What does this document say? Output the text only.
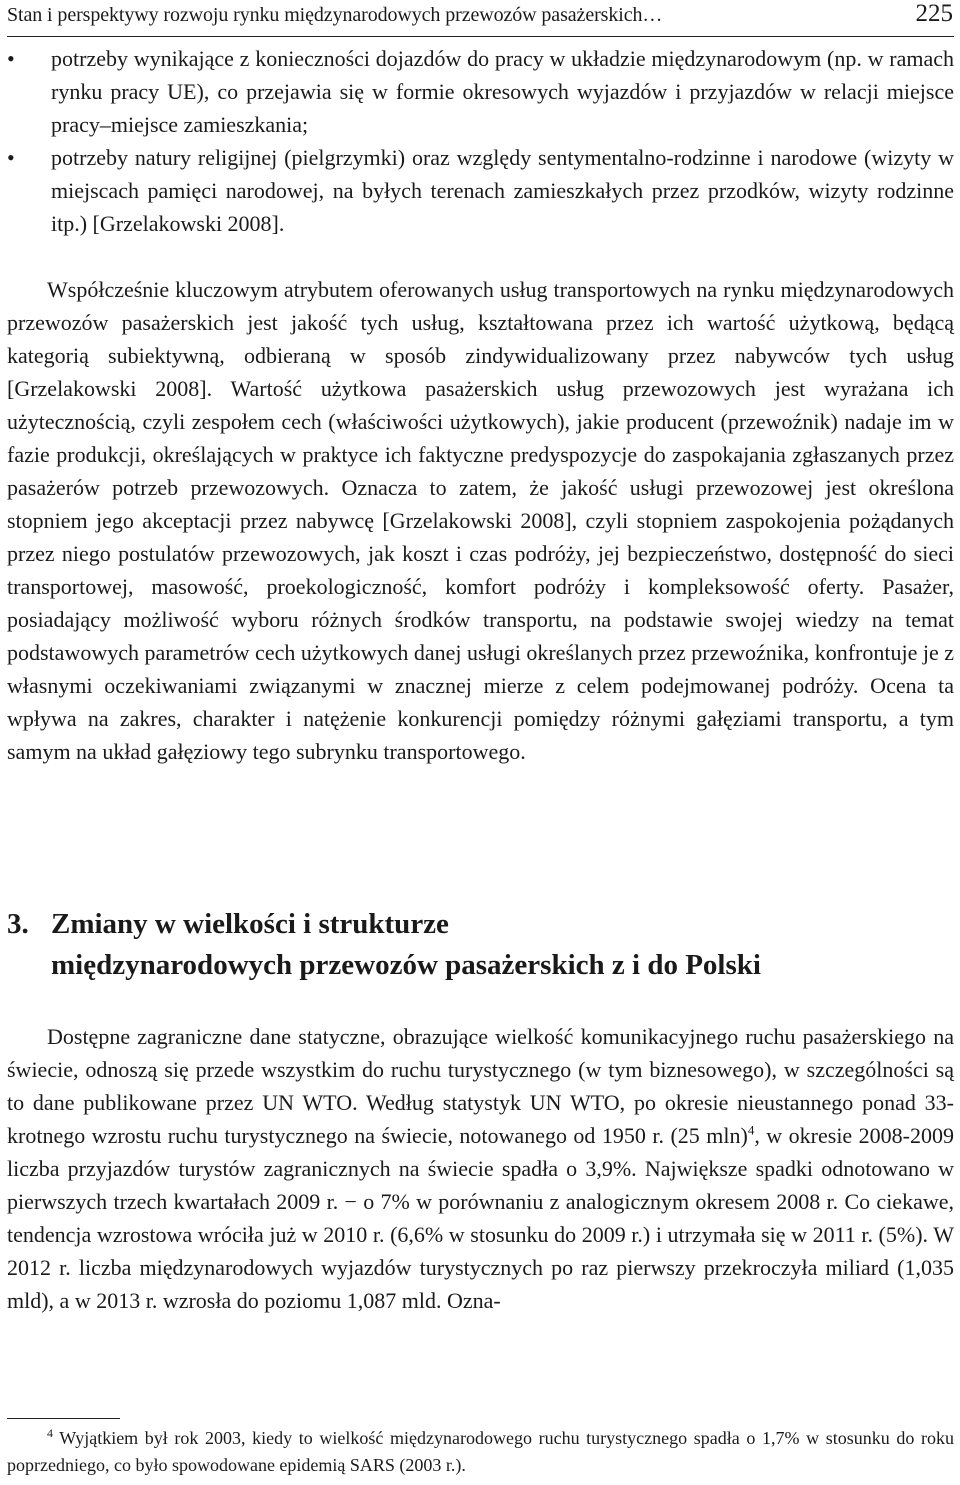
Stan i perspektywy rozwoju rynku międzynarodowych przewozów pasażerskich…	225
• potrzeby wynikające z konieczności dojazdów do pracy w układzie międzynarodowym (np. w ramach rynku pracy UE), co przejawia się w formie okresowych wyjazdów i przyjazdów w relacji miejsce pracy–miejsce zamieszkania;
• potrzeby natury religijnej (pielgrzymki) oraz względy sentymentalno-rodzinne i narodowe (wizyty w miejscach pamięci narodowej, na byłych terenach zamieszkałych przez przodków, wizyty rodzinne itp.) [Grzelakowski 2008].

Współcześnie kluczowym atrybutem oferowanych usług transportowych na rynku międzynarodowych przewozów pasażerskich jest jakość tych usług, kształtowana przez ich wartość użytkową, będącą kategorią subiektywną, odbieraną w sposób zindywidualizowany przez nabywców tych usług [Grzelakowski 2008]. Wartość użytkowa pasażerskich usług przewozowych jest wyrażana ich użytecznością, czyli zespołem cech (właściwości użytkowych), jakie producent (przewoźnik) nadaje im w fazie produkcji, określających w praktyce ich faktyczne predyspozycje do zaspokajania zgłaszanych przez pasażerów potrzeb przewozowych. Oznacza to zatem, że jakość usługi przewozowej jest określona stopniem jego akceptacji przez nabywcę [Grzelakowski 2008], czyli stopniem zaspokojenia pożądanych przez niego postulatów przewozowych, jak koszt i czas podróży, jej bezpieczeństwo, dostępność do sieci transportowej, masowość, proekologiczność, komfort podróży i kompleksowość oferty. Pasażer, posiadający możliwość wyboru różnych środków transportu, na podstawie swojej wiedzy na temat podstawowych parametrów cech użytkowych danej usługi określanych przez przewoźnika, konfrontuje je z własnymi oczekiwaniami związanymi w znacznej mierze z celem podejmowanej podróży. Ocena ta wpływa na zakres, charakter i natężenie konkurencji pomiędzy różnymi gałęziami transportu, a tym samym na układ gałęziowy tego subrynku transportowego.

3. Zmiany w wielkości i strukturze
międzynarodowych przewozów pasażerskich z i do Polski

Dostępne zagraniczne dane statyczne, obrazujące wielkość komunikacyjnego ruchu pasażerskiego na świecie, odnoszą się przede wszystkim do ruchu turystycznego (w tym biznesowego), w szczególności są to dane publikowane przez UN WTO. Według statystyk UN WTO, po okresie nieustannego ponad 33-krotnego wzrostu ruchu turystycznego na świecie, notowanego od 1950 r. (25 mln)$^4$, w okresie 2008-2009 liczba przyjazdów turystów zagranicznych na świecie spadła o 3,9%. Największe spadki odnotowano w pierwszych trzech kwartałach 2009 r. − o 7% w porównaniu z analogicznym okresem 2008 r. Co ciekawe, tendencja wzrostowa wróciła już w 2010 r. (6,6% w stosunku do 2009 r.) i utrzymała się w 2011 r. (5%). W 2012 r. liczba międzynarodowych wyjazdów turystycznych po raz pierwszy przekroczyła miliard (1,035 mld), a w 2013 r. wzrosła do poziomu 1,087 mld. Ozna-

$^4$ Wyjątkiem był rok 2003, kiedy to wielkość międzynarodowego ruchu turystycznego spadła o 1,7% w stosunku do roku poprzedniego, co było spowodowane epidemią SARS (2003 r.).
